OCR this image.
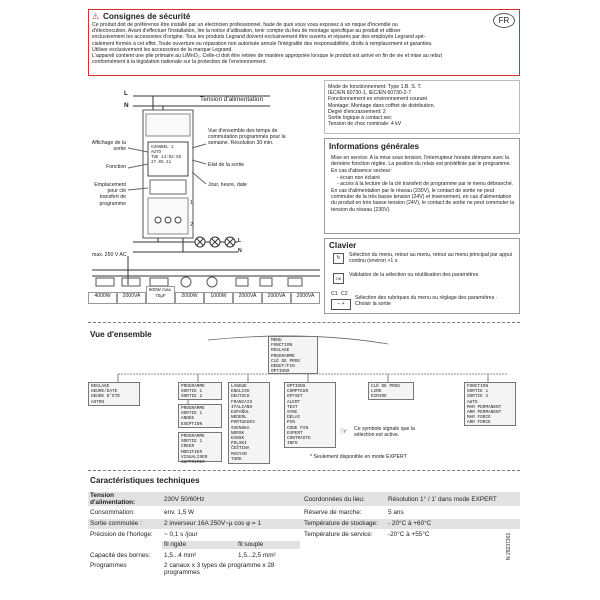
⚠ Consignes de sécurité	FR
Ce produit doit de préférence être installé par un électricien professionnel, faute de quoi vous vous exposez à un risque d'incendie ou
d'électrocution. Avant d'effectuer l'installation, lire la notice d'utilisation, tenir compte du lieu de montage spécifique au produit et utiliser
exclusivement les accessoires d'origine. Tous les produits Legrand doivent exclusivement être ouverts et réparés par des employés Legrand spé-
cialement formés à cet effet. Toute ouverture ou réparation non autorisée annule l'intégralité des responsabilités, droits à remplacement et garanties.
Utiliser exclusivement les accessoires de la marque Legrand.
L'appareil contient une pile primaire au LiMnO₂. Celle-ci doit être retirée de manière appropriée lorsque le produit est arrivé en fin de vie et mise au rebut
conformément à la législation nationale sur la protection de l'environnement.
L
N
Tension d'alimentation
CHANNEL 1
AUTO
TUE 14:02:55
27.05.11
Affichage de la sortie
Fonction
Emplacement pour clé transfert de programme
Vue d'ensemble des temps de commutation programmés pour la semaine. Résolution 30 min.
Etat de la sortie
Jour, heure, date
1
2
L
N
max. 250 V AC
4000W	2000VA
600W max. 70µF	2000W	1000W	2000VA	2000VA	2000VA
Mode de fonctionnement: Type 1.B. S. T.
IEC/EN 60730-1, IEC/EN 60730-2-7
Fonctionnement en environnement courant
Montage: Montage dans coffret de distribution,
Degré d'encrassement: 2
Sortie logique à contact sec
Tension de choc nominale: 4 kV
Informations générales
Mise en service: A la mise sous tension, l'interrupteur horaire démarre avec la dernière fonction réglée. La position du relais est prédéfinie par le programme.
En cas d'absence secteur:
- écran non éclairé
- accès à la lecture de la clé transfert de programme par le menu débranché.
En cas d'alimentation par le réseau (230V), le contact de sortie ne peut commuter de la très basse tension (24V) et inversement, en cas d'alimentation du produit en très basse tension (24V), le contact de sortie ne peut commuter la tension du réseau (230V).
Clavier
↻	Sélection du menu, retour au menu, retour au menu principal par appui continu (environ >1 s
OK
Validation de la sélection ou réutilisation des paramètres
C1 C2
− +
Sélection des rubriques du menu ou réglage des paramètres · Choisir la sortie
Vue d'ensemble
MENU
FONCTION
REGLAGE
PROGRAMME
CLÉ DE PROG
DÉBUT/FIN
OPTIONS
REGLAGE
HEURE/DATE
HEURE D'ÉTÉ
ASTRO
PROGRAMME
SORTIE 1
SORTIE 2
PROGRAMME
SORTIE 1
ANNEE
EXEPTION
PROGRAMME
SORTIE 1
CREER
MODIFIER
VISUALISER
SUPPRIMER
LANGUE
ENGLISH
DEUTSCH
FRANCAIS
ITALIANO
ESPAÑOL
NEDERL
PORTUGUES
SVENSKA
NORSK
DANSK
POLSKI
ČEŠTINA
MAGYAR
TURK
OPTIONS
COMPTEUR
OFFSET
ALERT
TEST
SYNC
DÉLAI
PIN
CODE PIN
EXPERT
CONTRASTE
INFO
CLÉ DE PROG
LIRE
ÉCRIRE
FONCTION
SORTIE 1
SORTIE 2
AUTO
MAR PERMANENT
ARR PERMANENT
MAR FORCE
ARR FORCE
☞ Ce symbole signale que la sélection est active.
* Seulement disponible en mode EXPERT
Caractéristiques techniques
Tension d'alimentation:	230V 50/60Hz	Coordonnées du lieu:	Résolution 1° / 1' dans mode EXPERT
Consommation:	env. 1,5 W	Réserve de marche:	5 ans
Sortie commutée :	2 inverseur 16A 250V~µ cos φ = 1	Température de stockage: - 20°C à +60°C
Précision de l'horloge: ~ 0,1 s /jour	Température de service: -20°C à +55°C
fil rigide	fil souple
Capacité des bornes: 1,5...4 mm²	1,5...2,5 mm²
Programmes	2 canaux x 3 types de programme x 28 programmes
N 29237301
